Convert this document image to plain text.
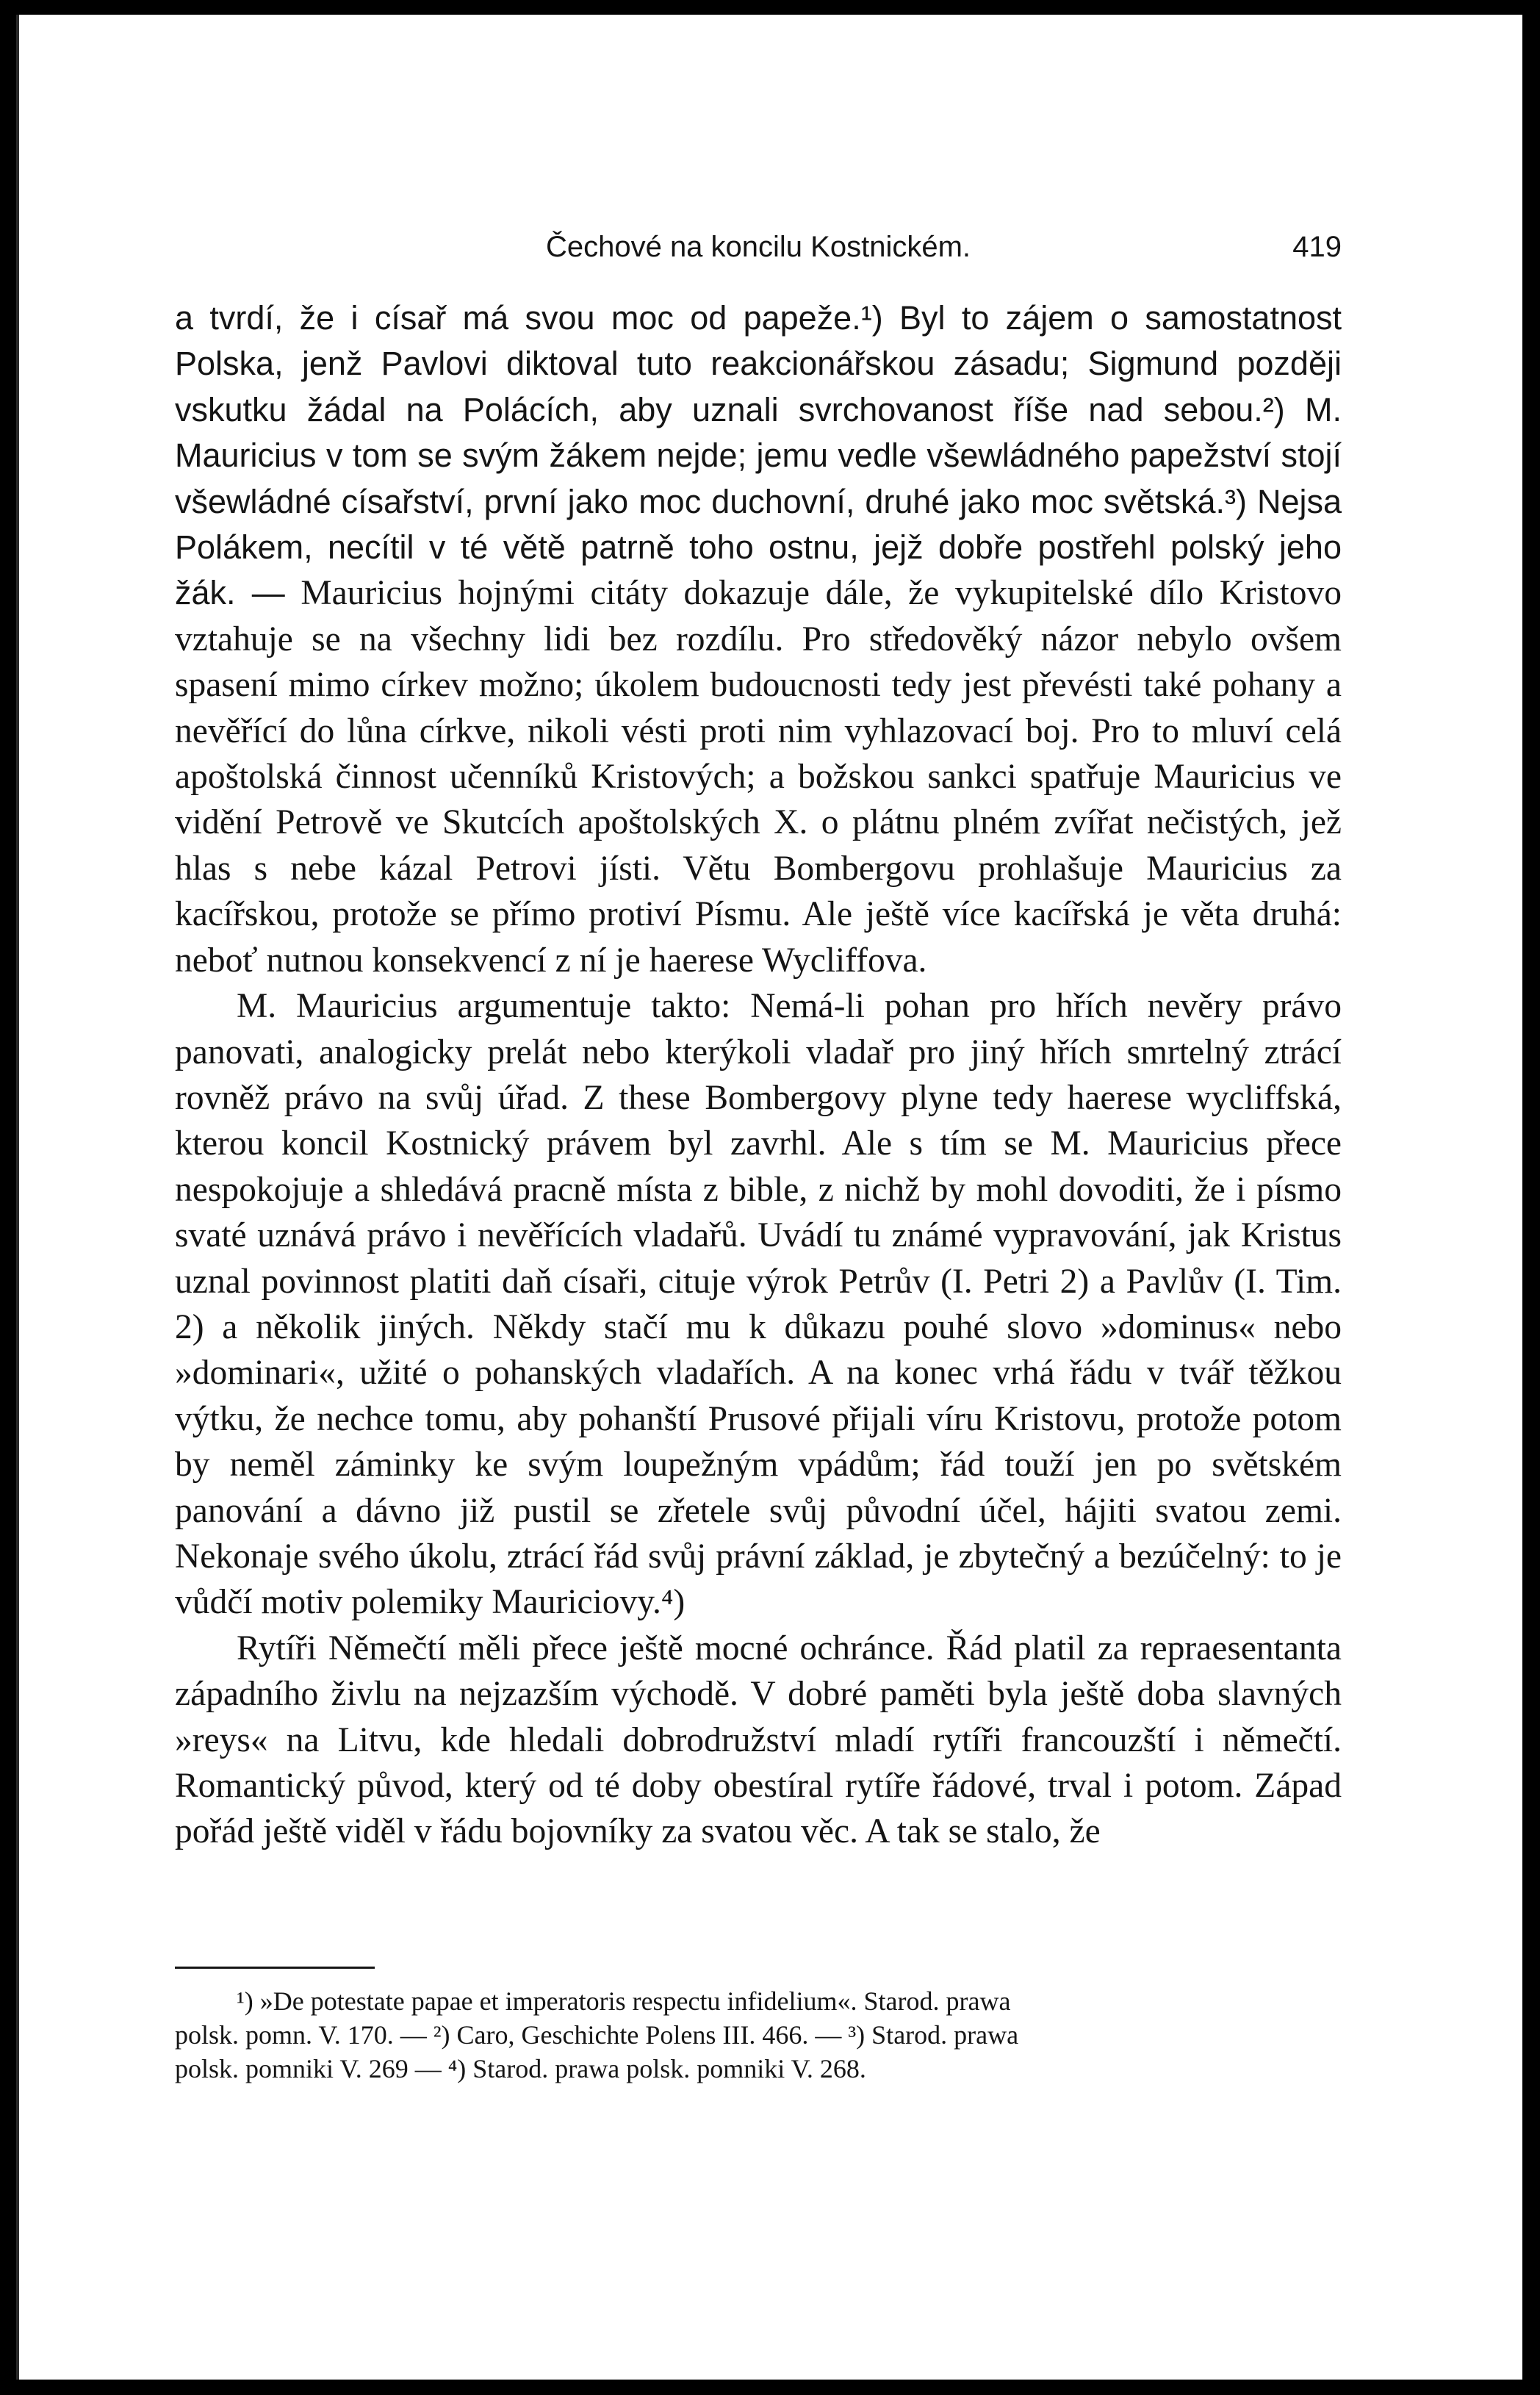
Čechové na koncilu Kostnickém.	419

a tvrdí, že i císař má svou moc od papeže.¹) Byl to zájem o samostatnost Polska, jenž Pavlovi diktoval tuto reakcionářskou zásadu; Sigmund později vskutku žádal na Polácích, aby uznali svrchovanost říše nad sebou.²) M. Mauricius v tom se svým žákem nejde; jemu vedle všewládného papežství stojí všewládné císařství, první jako moc duchovní, druhé jako moc světská.³) Nejsa Polákem, necítil v té větě patrně toho ostnu, jejž dobře postřehl polský jeho žák. — Mauricius hojnými citáty dokazuje dále, že vykupitelské dílo Kristovo vztahuje se na všechny lidi bez rozdílu. Pro středověký názor nebylo ovšem spasení mimo církev možno; úkolem budoucnosti tedy jest převésti také pohany a nevěřící do lůna církve, nikoli vésti proti nim vyhlazovací boj. Pro to mluví celá apoštolská činnost učenníků Kristových; a božskou sankci spatřuje Mauricius ve vidění Petrově ve Skutcích apoštolských X. o plátnu plném zvířat nečistých, jež hlas s nebe kázal Petrovi jísti. Větu Bombergovu prohlašuje Mauricius za kacířskou, protože se přímo protiví Písmu. Ale ještě více kacířská je věta druhá: neboť nutnou konsekvencí z ní je haerese Wycliffova.

M. Mauricius argumentuje takto: Nemá-li pohan pro hřích nevěry právo panovati, analogicky prelát nebo kterýkoli vladař pro jiný hřích smrtelný ztrácí rovněž právo na svůj úřad. Z these Bombergovy plyne tedy haerese wycliffská, kterou koncil Kostnický právem byl zavrhl. Ale s tím se M. Mauricius přece nespokojuje a shledává pracně místa z bible, z nichž by mohl dovoditi, že i písmo svaté uznává právo i nevěřících vladařů. Uvádí tu známé vypravování, jak Kristus uznal povinnost platiti daň císaři, cituje výrok Petrův (I. Petri 2) a Pavlův (I. Tim. 2) a několik jiných. Někdy stačí mu k důkazu pouhé slovo »dominus« nebo »dominari«, užité o pohanských vladařích. A na konec vrhá řádu v tvář těžkou výtku, že nechce tomu, aby pohanští Prusové přijali víru Kristovu, protože potom by neměl záminky ke svým loupežným vpádům; řád touží jen po světském panování a dávno již pustil se zřetele svůj původní účel, hájiti svatou zemi. Nekonaje svého úkolu, ztrácí řád svůj právní základ, je zbytečný a bezúčelný: to je vůdčí motiv polemiky Mauriciovy.⁴)

Rytíři Němečtí měli přece ještě mocné ochránce. Řád platil za repraesentanta západního živlu na nejzazším východě. V dobré paměti byla ještě doba slavných »reys« na Litvu, kde hledali dobrodružství mladí rytíři francouzští i němečtí. Romantický původ, který od té doby obestíral rytíře řádové, trval i potom. Západ pořád ještě viděl v řádu bojovníky za svatou věc. A tak se stalo, že

¹) »De potestate papae et imperatoris respectu infidelium«. Starod. prawa
polsk. pomn. V. 170. — ²) Caro, Geschichte Polens III. 466. — ³) Starod. prawa
polsk. pomniki V. 269 — ⁴) Starod. prawa polsk. pomniki V. 268.
